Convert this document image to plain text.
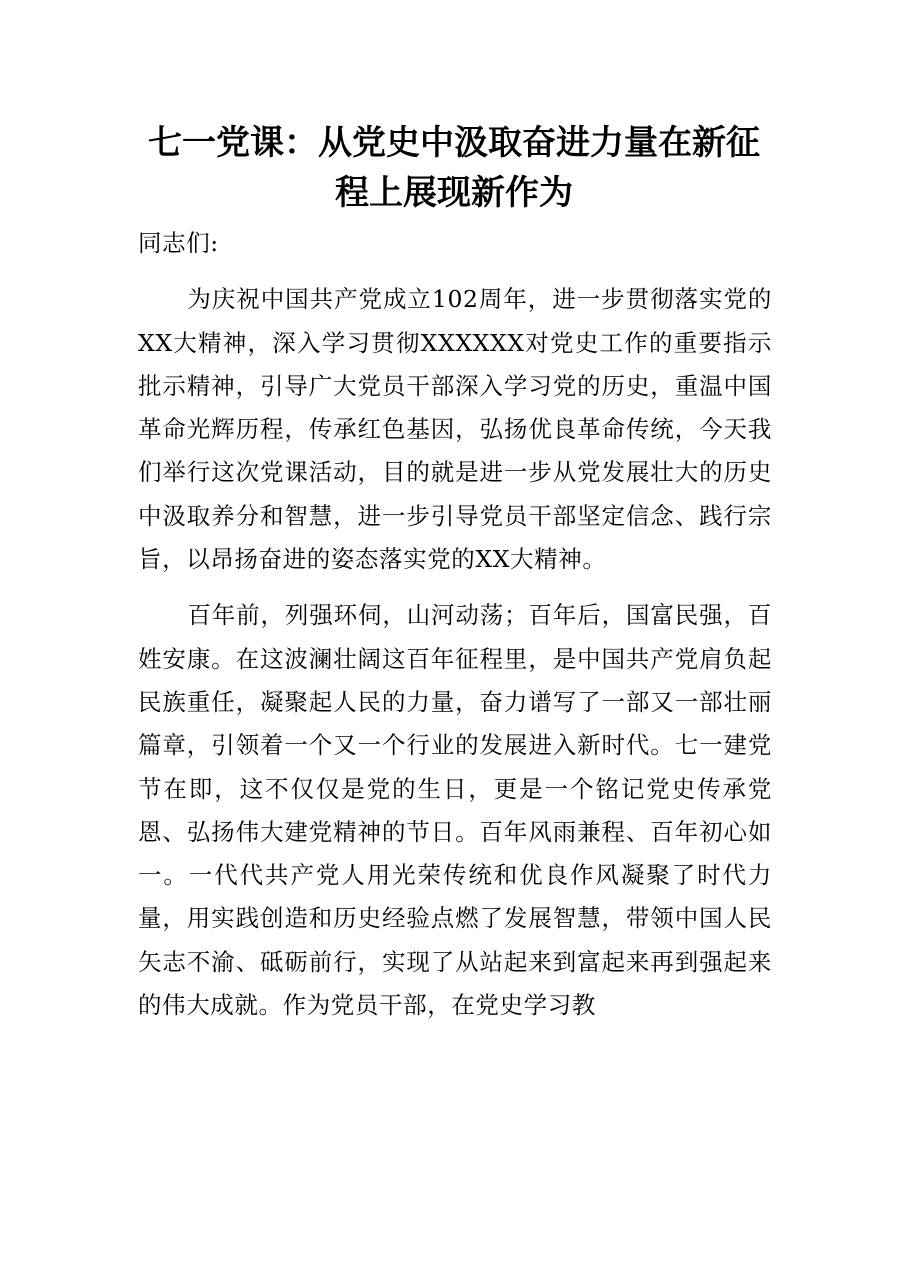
七一党课：从党史中汲取奋进力量在新征程上展现新作为

同志们:

为庆祝中国共产党成立102周年，进一步贯彻落实党的XX大精神，深入学习贯彻XXXXXX对党史工作的重要指示批示精神，引导广大党员干部深入学习党的历史，重温中国革命光辉历程，传承红色基因，弘扬优良革命传统，今天我们举行这次党课活动，目的就是进一步从党发展壮大的历史中汲取养分和智慧，进一步引导党员干部坚定信念、践行宗旨，以昂扬奋进的姿态落实党的XX大精神。

百年前，列强环伺，山河动荡；百年后，国富民强，百姓安康。在这波澜壮阔这百年征程里，是中国共产党肩负起民族重任，凝聚起人民的力量，奋力谱写了一部又一部壮丽篇章，引领着一个又一个行业的发展进入新时代。七一建党节在即，这不仅仅是党的生日，更是一个铭记党史传承党恩、弘扬伟大建党精神的节日。百年风雨兼程、百年初心如一。一代代共产党人用光荣传统和优良作风凝聚了时代力量，用实践创造和历史经验点燃了发展智慧，带领中国人民矢志不渝、砥砺前行，实现了从站起来到富起来再到强起来的伟大成就。作为党员干部，在党史学习教
